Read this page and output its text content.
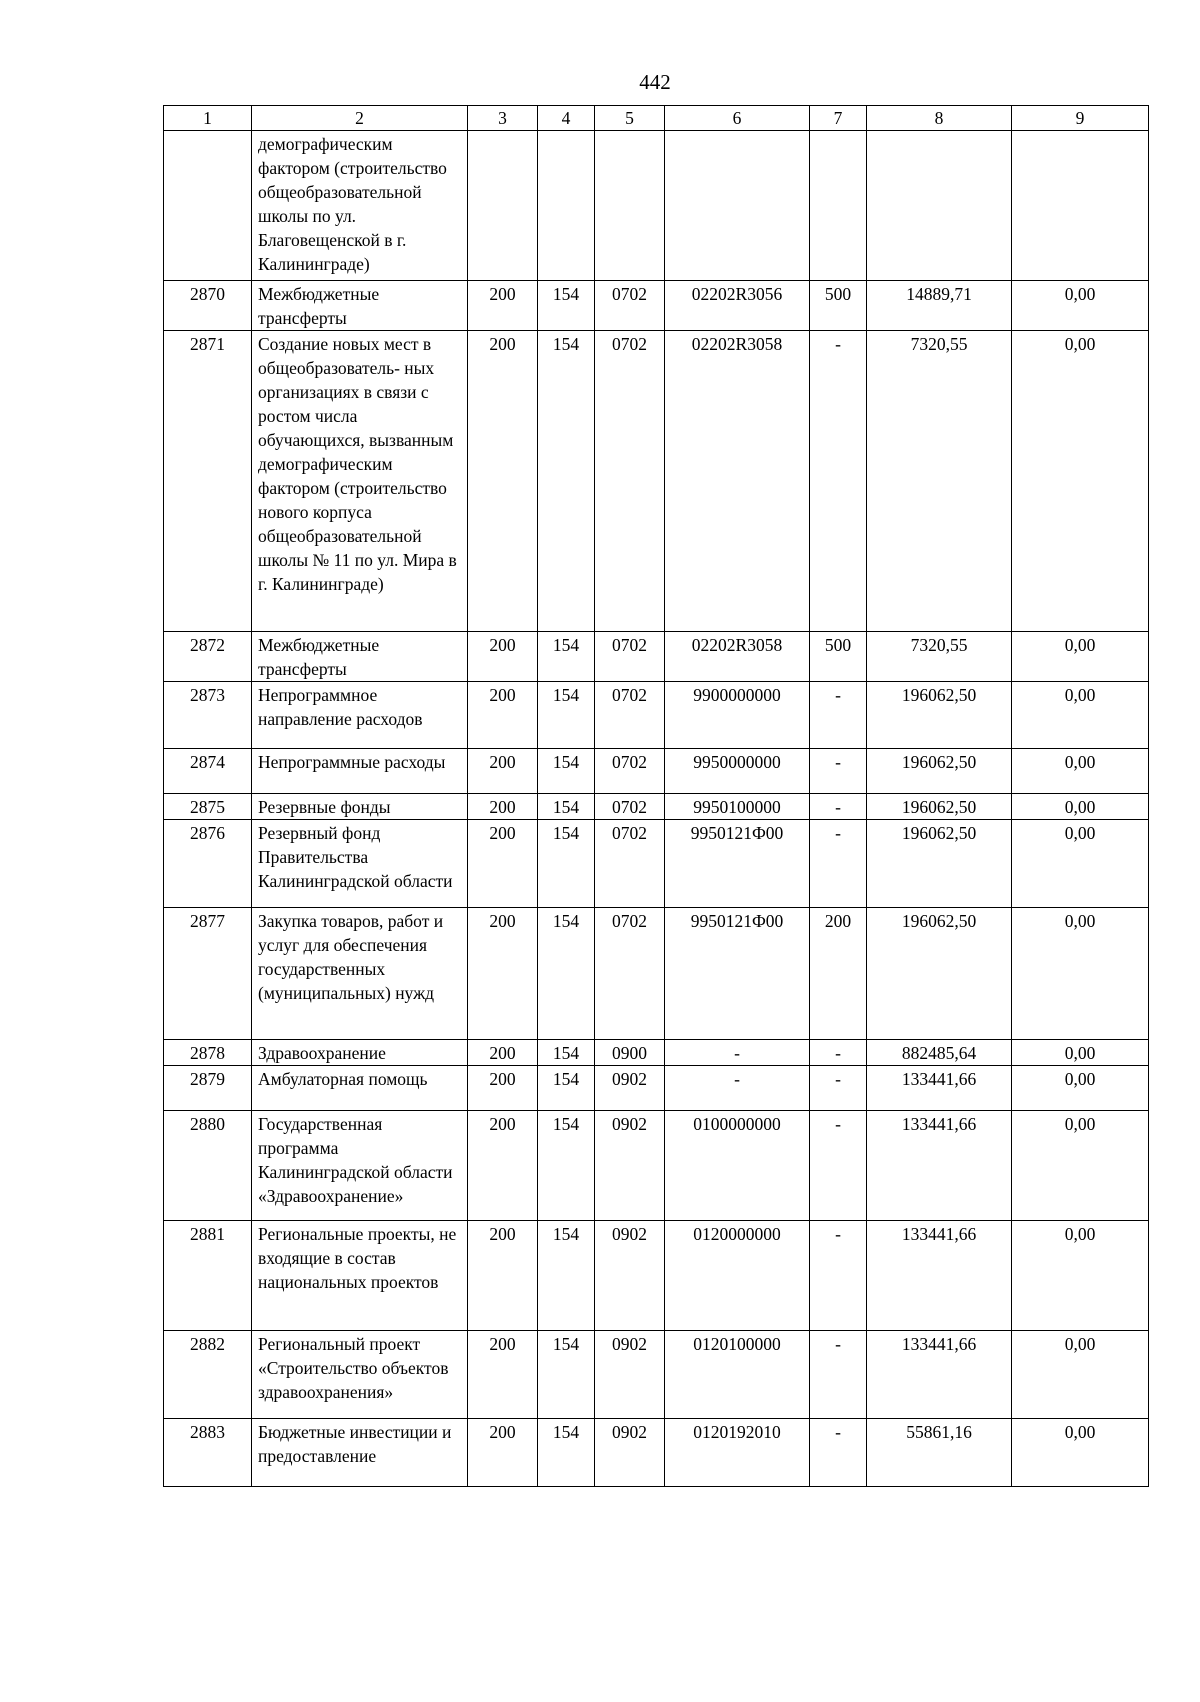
442
1	2	3	4	5	6	7	8	9
	демографическим фактором (строительство общеобразовательной школы по ул. Благовещенской в г. Калининграде)							
2870	Межбюджетные трансферты	200	154	0702	02202R3056	500	14889,71	0,00
2871	Создание новых мест в общеобразователь- ных организациях в связи с ростом числа обучающихся, вызванным демографическим фактором (строительство нового корпуса общеобразовательной школы № 11 по ул. Мира в г. Калининграде)	200	154	0702	02202R3058	-	7320,55	0,00
2872	Межбюджетные трансферты	200	154	0702	02202R3058	500	7320,55	0,00
2873	Непрограммное направление расходов	200	154	0702	9900000000	-	196062,50	0,00
2874	Непрограммные расходы	200	154	0702	9950000000	-	196062,50	0,00
2875	Резервные фонды	200	154	0702	9950100000	-	196062,50	0,00
2876	Резервный фонд Правительства Калининградской области	200	154	0702	9950121Ф00	-	196062,50	0,00
2877	Закупка товаров, работ и услуг для обеспечения государственных (муниципальных) нужд	200	154	0702	9950121Ф00	200	196062,50	0,00
2878	Здравоохранение	200	154	0900	-	-	882485,64	0,00
2879	Амбулаторная помощь	200	154	0902	-	-	133441,66	0,00
2880	Государственная программа Калининградской области «Здравоохранение»	200	154	0902	0100000000	-	133441,66	0,00
2881	Региональные проекты, не входящие в состав национальных проектов	200	154	0902	0120000000	-	133441,66	0,00
2882	Региональный проект «Строительство объектов здравоохранения»	200	154	0902	0120100000	-	133441,66	0,00
2883	Бюджетные инвестиции и предоставление	200	154	0902	0120192010	-	55861,16	0,00
